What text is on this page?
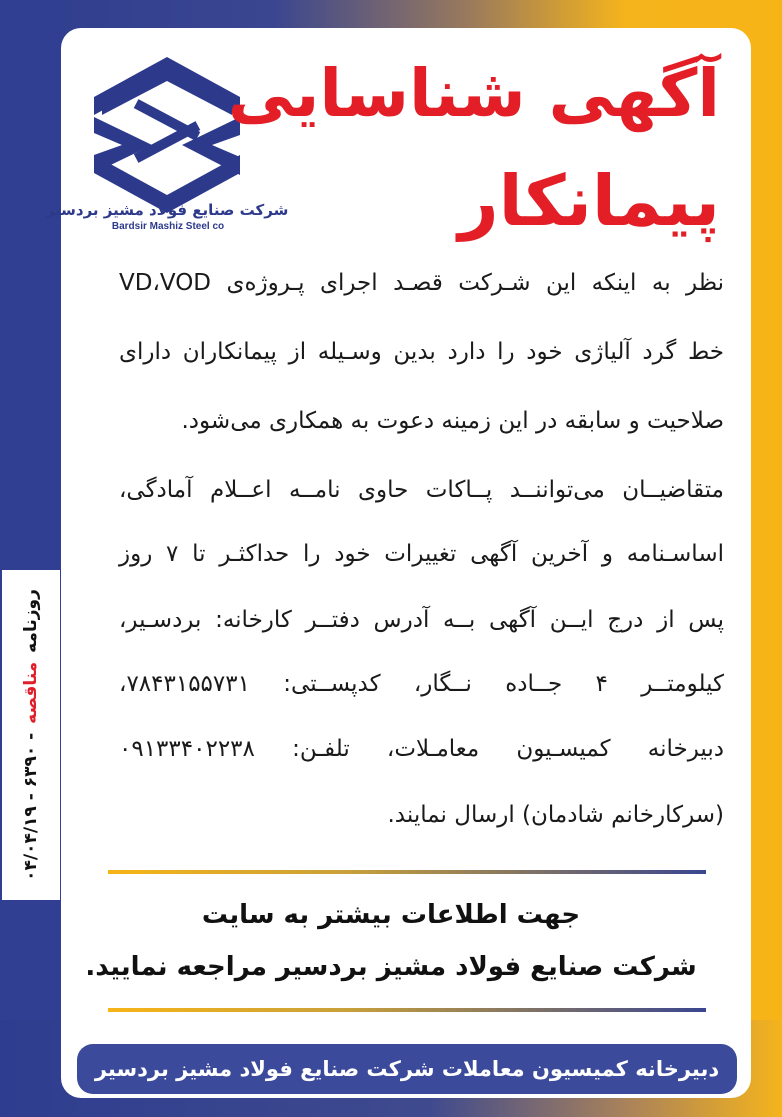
روزنامه مناقصه - ۶۳۹۰ - ۰۴/۰۴/۱۹
شرکت صنایع فولاد مشیز بردسیر
Bardsir Mashiz Steel co
آگهی شناسایی
پیمانکار
نظر به اینکه این شـرکت قصـد اجرای پـروژه‌ی VD،VOD
خط گرد آلیاژی خود را دارد بدین وسـیله از پیمانکاران دارای
صلاحیت و سابقه در این زمینه دعوت به همکاری می‌شود.
متقاضیــان می‌تواننــد پــاکات حاوی نامــه اعــلام آمادگی،
اساسـنامه و آخرین آگهی تغییرات خود را حداکثـر تا ۷ روز
پس از درج ایــن آگهی بــه آدرس دفتــر کارخانه: بردسـیر،
کیلومتــر ۴ جــاده نــگار، کدپســتی: ۷۸۴۳۱۵۵۷۳۱،
دبیرخانه کمیسـیون معامـلات، تلفـن: ۰۹۱۳۳۴۰۲۲۳۸
(سرکارخانم شادمان) ارسال نمایند.
جهت اطلاعات بیشتر به سایت
شرکت صنایع فولاد مشیز بردسیر مراجعه نمایید.
دبیرخانه کمیسیون معاملات شرکت صنایع فولاد مشیز بردسیر
